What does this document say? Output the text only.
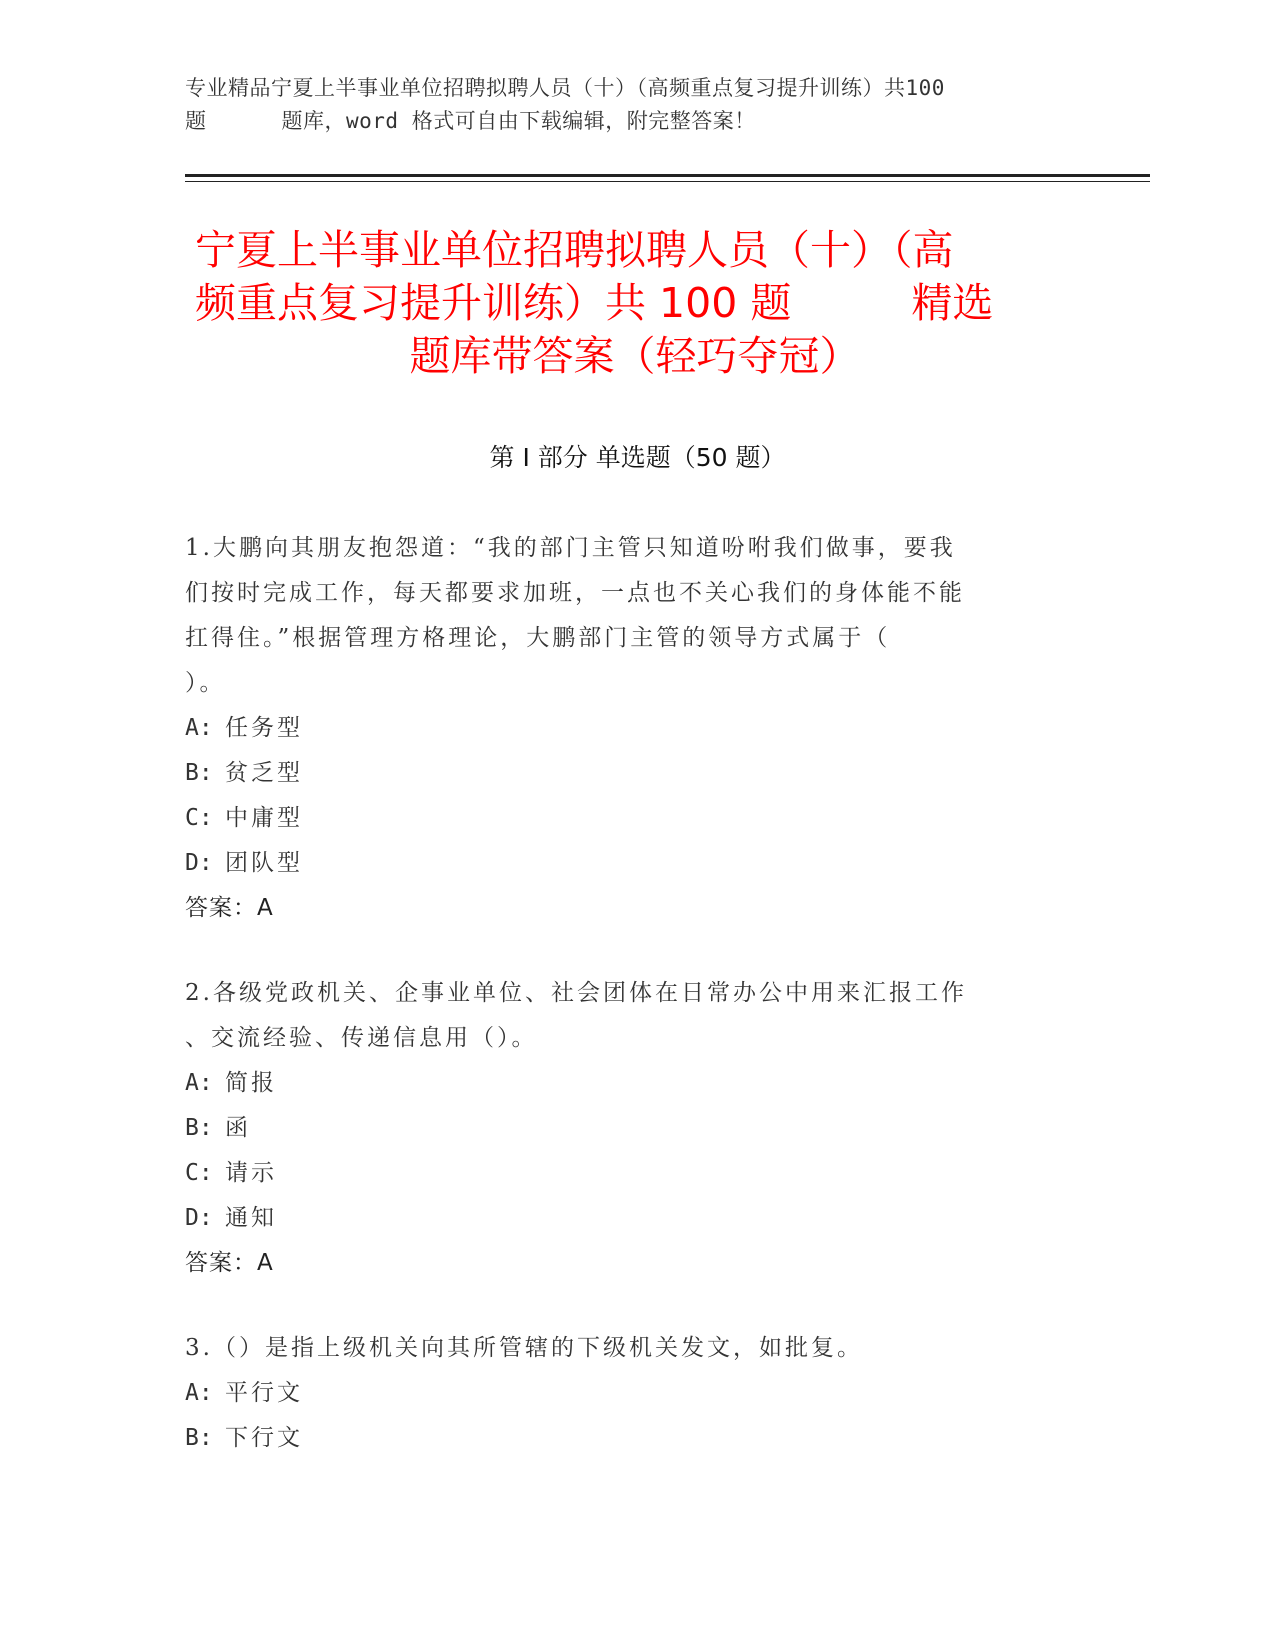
专业精品宁夏上半事业单位招聘拟聘人员（十）（高频重点复习提升训练）共100
题	题库，word 格式可自由下载编辑，附完整答案！
宁夏上半事业单位招聘拟聘人员（十）（高
频重点复习提升训练）共 100 题	精选
题库带答案（轻巧夺冠）
第 I 部分 单选题（50 题）
1.大鹏向其朋友抱怨道：“我的部门主管只知道吩咐我们做事，要我
们按时完成工作，每天都要求加班，一点也不关心我们的身体能不能
扛得住。”根据管理方格理论，大鹏部门主管的领导方式属于（
）。
A: 任务型
B: 贫乏型
C: 中庸型
D: 团队型
答案：A
2.各级党政机关、企事业单位、社会团体在日常办公中用来汇报工作
、交流经验、传递信息用（）。
A: 简报
B: 函
C: 请示
D: 通知
答案：A
3.（）是指上级机关向其所管辖的下级机关发文，如批复。
A: 平行文
B: 下行文
